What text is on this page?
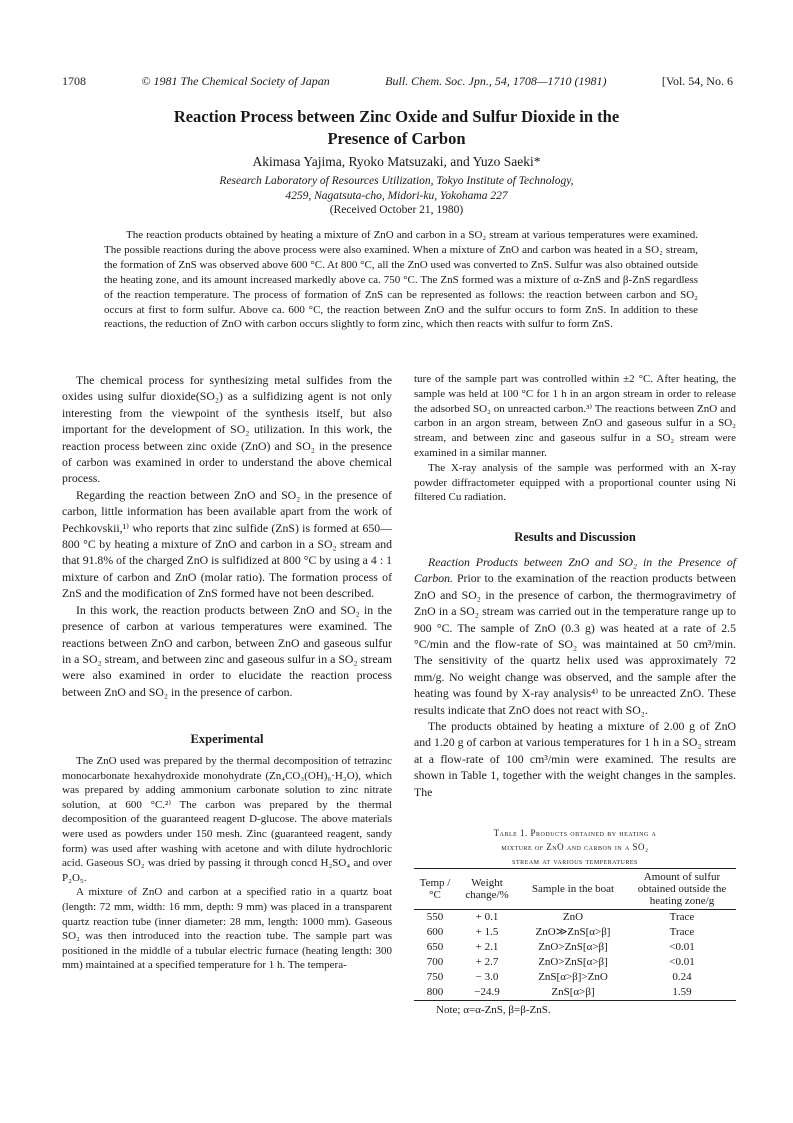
1708	© 1981 The Chemical Society of Japan	Bull. Chem. Soc. Jpn., 54, 1708—1710 (1981)	[Vol. 54, No. 6
Reaction Process between Zinc Oxide and Sulfur Dioxide in the
Presence of Carbon
Akimasa Yajima, Ryoko Matsuzaki, and Yuzo Saeki*
Research Laboratory of Resources Utilization, Tokyo Institute of Technology,
4259, Nagatsuta-cho, Midori-ku, Yokohama 227
(Received October 21, 1980)
The reaction products obtained by heating a mixture of ZnO and carbon in a SO₂ stream at various temperatures were examined. The possible reactions during the above process were also examined. When a mixture of ZnO and carbon was heated in a SO₂ stream, the formation of ZnS was observed above 600 °C. At 800 °C, all the ZnO used was converted to ZnS. Sulfur was also obtained outside the heating zone, and its amount increased markedly above ca. 750 °C. The ZnS formed was a mixture of α-ZnS and β-ZnS regardless of the reaction temperature. The process of formation of ZnS can be represented as follows: the reaction between carbon and SO₂ occurs at first to form sulfur. Above ca. 600 °C, the reaction between ZnO and the sulfur occurs to form ZnS. In addition to these reactions, the reduction of ZnO with carbon occurs slightly to form zinc, which then reacts with sulfur to form ZnS.

The chemical process for synthesizing metal sulfides from the oxides using sulfur dioxide(SO₂) as a sulfidizing agent is not only interesting from the viewpoint of the synthesis itself, but also important for the development of SO₂ utilization. In this work, the reaction process between zinc oxide (ZnO) and SO₂ in the presence of carbon was examined in order to understand the above chemical process.

Regarding the reaction between ZnO and SO₂ in the presence of carbon, little information has been available apart from the work of Pechkovskii,¹⁾ who reports that zinc sulfide (ZnS) is formed at 650—800 °C by heating a mixture of ZnO and carbon in a SO₂ stream and that 91.8% of the charged ZnO is sulfidized at 800 °C by using a 4 : 1 mixture of carbon and ZnO (molar ratio). The formation process of ZnS and the modification of ZnS formed have not been described.

In this work, the reaction products between ZnO and SO₂ in the presence of carbon at various temperatures were examined. The reactions between ZnO and carbon, between ZnO and gaseous sulfur in a SO₂ stream, and between zinc and gaseous sulfur in a SO₂ stream were also examined in order to elucidate the reaction process between ZnO and SO₂ in the presence of carbon.

Experimental

The ZnO used was prepared by the thermal decomposition of tetrazinc monocarbonate hexahydroxide monohydrate (Zn₄CO₃(OH)₆·H₂O), which was prepared by adding ammonium carbonate solution to zinc nitrate solution, at 600 °C.²⁾ The carbon was prepared by the thermal decomposition of the guaranteed reagent D-glucose. The above materials were used as powders under 150 mesh. Zinc (guaranteed reagent, sandy form) was used after washing with acetone and with dilute hydrochloric acid. Gaseous SO₂ was dried by passing it through concd H₂SO₄ and over P₂O₅.

A mixture of ZnO and carbon at a specified ratio in a quartz boat (length: 72 mm, width: 16 mm, depth: 9 mm) was placed in a transparent quartz reaction tube (inner diameter: 28 mm, length: 1000 mm). Gaseous SO₂ was then introduced into the reaction tube. The sample part was positioned in the middle of a tubular electric furnace (heating length: 300 mm) maintained at a specified temperature for 1 h. The tempera-

ture of the sample part was controlled within ±2 °C. After heating, the sample was held at 100 °C for 1 h in an argon stream in order to release the adsorbed SO₂ on unreacted carbon.³⁾ The reactions between ZnO and carbon in an argon stream, between ZnO and gaseous sulfur in a SO₂ stream, and between zinc and gaseous sulfur in a SO₂ stream were examined in a similar manner.

The X-ray analysis of the sample was performed with an X-ray powder diffractometer equipped with a proportional counter using Ni filtered Cu radiation.

Results and Discussion

Reaction Products between ZnO and SO₂ in the Presence of Carbon. Prior to the examination of the reaction products between ZnO and SO₂ in the presence of carbon, the thermogravimetry of ZnO in a SO₂ stream was carried out in the temperature range up to 900 °C. The sample of ZnO (0.3 g) was heated at a rate of 2.5 °C/min and the flow-rate of SO₂ was maintained at 50 cm³/min. The sensitivity of the quartz helix used was approximately 72 mm/g. No weight change was observed, and the sample after the heating was found by X-ray analysis⁴⁾ to be unreacted ZnO. These results indicate that ZnO does not react with SO₂.

The products obtained by heating a mixture of 2.00 g of ZnO and 1.20 g of carbon at various temperatures for 1 h in a SO₂ stream at a flow-rate of 100 cm³/min were examined. The results are shown in Table 1, together with the weight changes in the samples. The

Table 1. Products obtained by heating a
mixture of ZnO and carbon in a SO₂
stream at various temperatures
Temp /°C	Weight change/%	Sample in the boat	Amount of sulfur obtained outside the heating zone/g
550	+ 0.1	ZnO	Trace
600	+ 1.5	ZnO≫ZnS[α>β]	Trace
650	+ 2.1	ZnO>ZnS[α>β]	<0.01
700	+ 2.7	ZnO>ZnS[α>β]	<0.01
750	− 3.0	ZnS[α>β]>ZnO	0.24
800	−24.9	ZnS[α>β]	1.59
Note; α=α-ZnS, β=β-ZnS.
